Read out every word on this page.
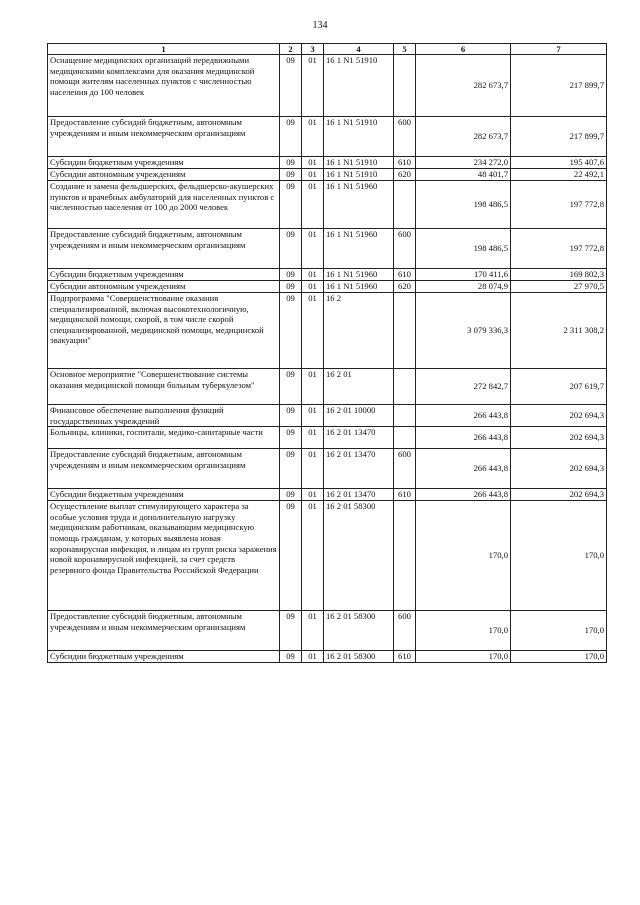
134
1	2	3	4	5	6	7
Оснащение медицинских организаций передвижными медицинскими комплексами для оказания медицинской помощи жителям населенных пунктов с численностью населения до 100 человек	09	01	16 1 N1 51910		282 673,7	217 899,7
Предоставление субсидий бюджетным, автономным учреждениям и иным некоммерческим организациям	09	01	16 1 N1 51910	600	282 673,7	217 899,7
Субсидии бюджетным учреждениям	09	01	16 1 N1 51910	610	234 272,0	195 407,6
Субсидии автономным учреждениям	09	01	16 1 N1 51910	620	48 401,7	22 492,1
Создание и замена фельдшерских, фельдшерско-акушерских пунктов и врачебных амбулаторий для населенных пунктов с численностью населения от 100 до 2000 человек	09	01	16 1 N1 51960		198 486,5	197 772,8
Предоставление субсидий бюджетным, автономным учреждениям и иным некоммерческим организациям	09	01	16 1 N1 51960	600	198 486,5	197 772,8
Субсидии бюджетным учреждениям	09	01	16 1 N1 51960	610	170 411,6	169 802,3
Субсидии автономным учреждениям	09	01	16 1 N1 51960	620	28 074,9	27 970,5
Подпрограмма "Совершенствование оказания специализированной, включая высокотехнологичную, медицинской помощи, скорой, в том числе скорой специализированной, медицинской помощи, медицинской эвакуации"	09	01	16 2		3 079 336,3	2 311 308,2
Основное мероприятие "Совершенствование системы оказания медицинской помощи больным туберкулезом"	09	01	16 2 01		272 842,7	207 619,7
Финансовое обеспечение выполнения функций государственных учреждений	09	01	16 2 01 10000		266 443,8	202 694,3
Больницы, клиники, госпитали, медико-санитарные части	09	01	16 2 01 13470		266 443,8	202 694,3
Предоставление субсидий бюджетным, автономным учреждениям и иным некоммерческим организациям	09	01	16 2 01 13470	600	266 443,8	202 694,3
Субсидии бюджетным учреждениям	09	01	16 2 01 13470	610	266 443,8	202 694,3
Осуществление выплат стимулирующего характера за особые условия труда и дополнительную нагрузку медицинским работникам, оказывающим медицинскую помощь гражданам, у которых выявлена новая коронавирусная инфекция, и лицам из групп риска заражения новой коронавирусной инфекцией, за счет средств резервного фонда Правительства Российской Федерации	09	01	16 2 01 58300		170,0	170,0
Предоставление субсидий бюджетным, автономным учреждениям и иным некоммерческим организациям	09	01	16 2 01 58300	600	170,0	170,0
Субсидии бюджетным учреждениям	09	01	16 2 01 58300	610	170,0	170,0
